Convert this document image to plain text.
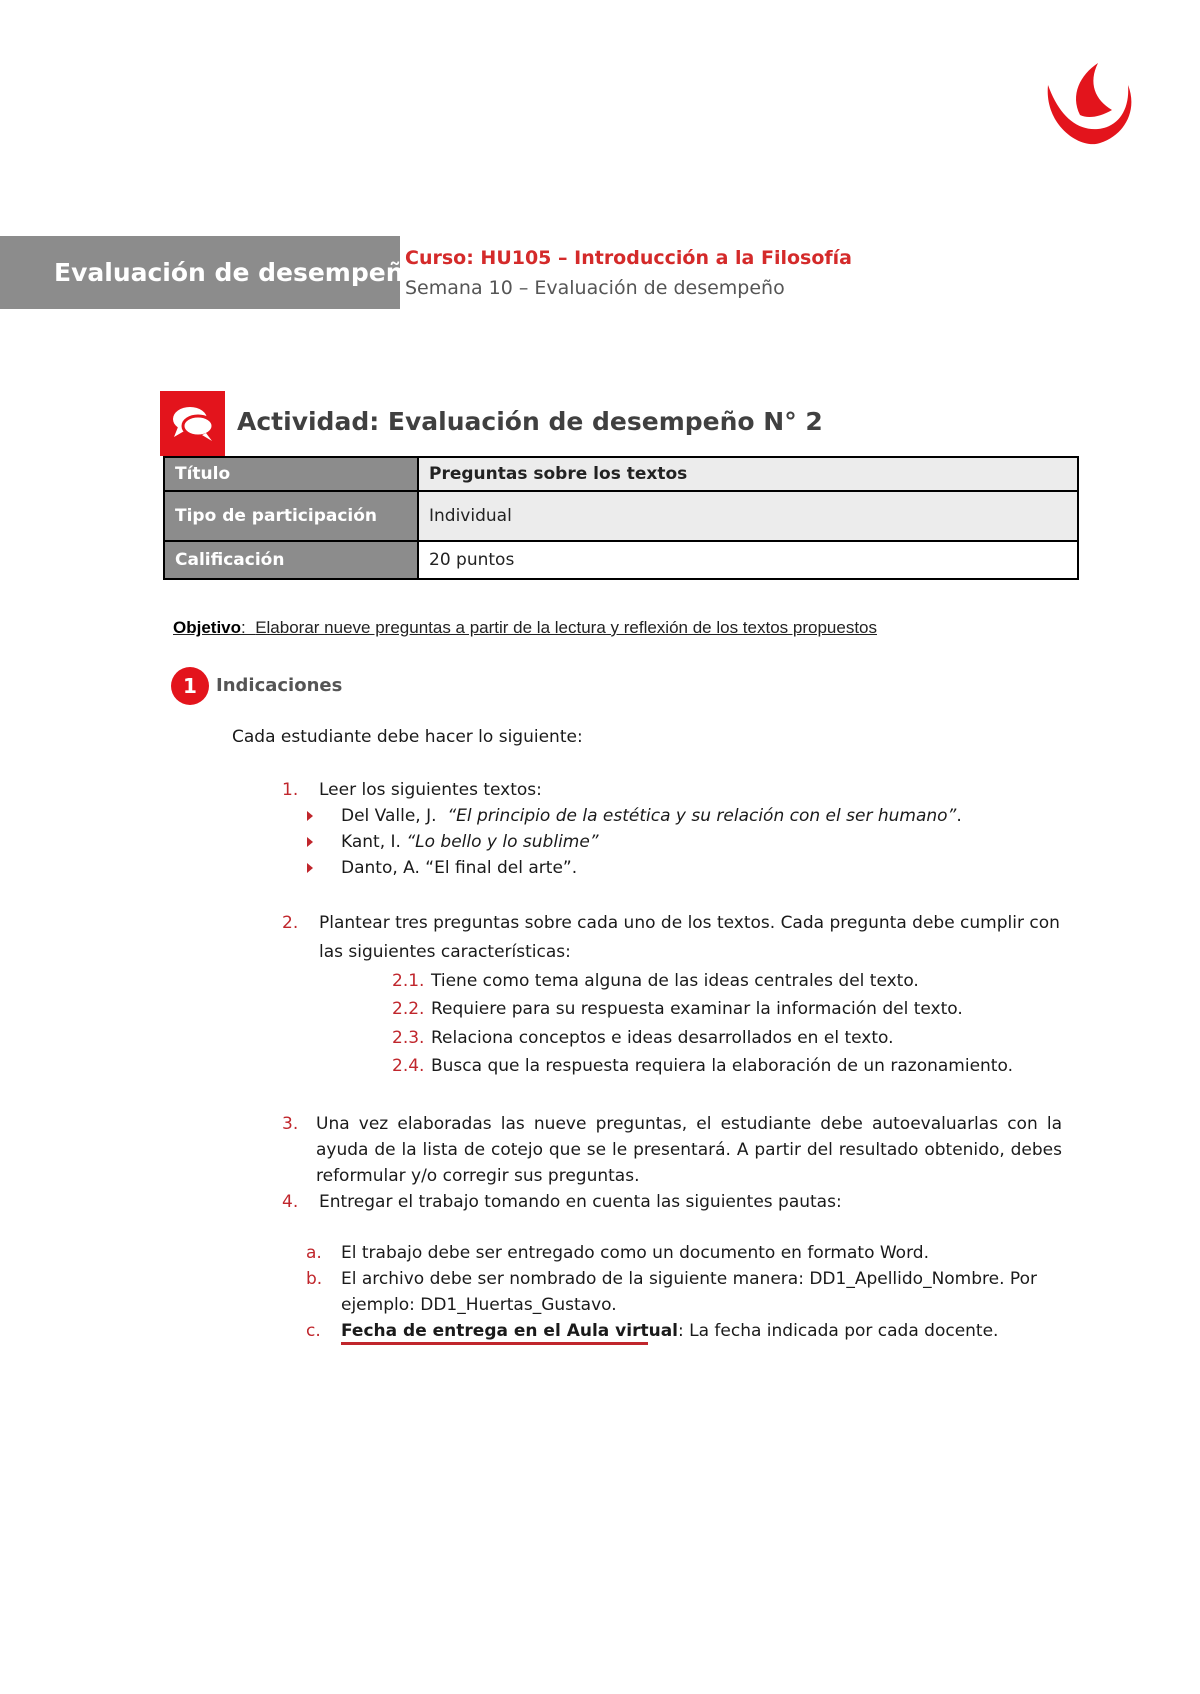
Evaluación de desempeño
Curso: HU105 – Introducción a la Filosofía
Semana 10 – Evaluación de desempeño
Actividad: Evaluación de desempeño N° 2
Título	Preguntas sobre los textos
Tipo de participación	Individual
Calificación	20 puntos
Objetivo:  Elaborar nueve preguntas a partir de la lectura y reflexión de los textos propuestos
1	Indicaciones
Cada estudiante debe hacer lo siguiente:
1. Leer los siguientes textos:
Del Valle, J. “El principio de la estética y su relación con el ser humano”.
Kant, I. “Lo bello y lo sublime”
Danto, A. “El final del arte”.
2. Plantear tres preguntas sobre cada uno de los textos. Cada pregunta debe cumplir con
las siguientes características:
2.1. Tiene como tema alguna de las ideas centrales del texto.
2.2. Requiere para su respuesta examinar la información del texto.
2.3. Relaciona conceptos e ideas desarrollados en el texto.
2.4. Busca que la respuesta requiera la elaboración de un razonamiento.
3. Una vez elaboradas las nueve preguntas, el estudiante debe autoevaluarlas con la
ayuda de la lista de cotejo que se le presentará. A partir del resultado obtenido, debes
reformular y/o corregir sus preguntas.
4. Entregar el trabajo tomando en cuenta las siguientes pautas:
a. El trabajo debe ser entregado como un documento en formato Word.
b. El archivo debe ser nombrado de la siguiente manera: DD1_Apellido_Nombre. Por
ejemplo: DD1_Huertas_Gustavo.
c. Fecha de entrega en el Aula virtual: La fecha indicada por cada docente.
